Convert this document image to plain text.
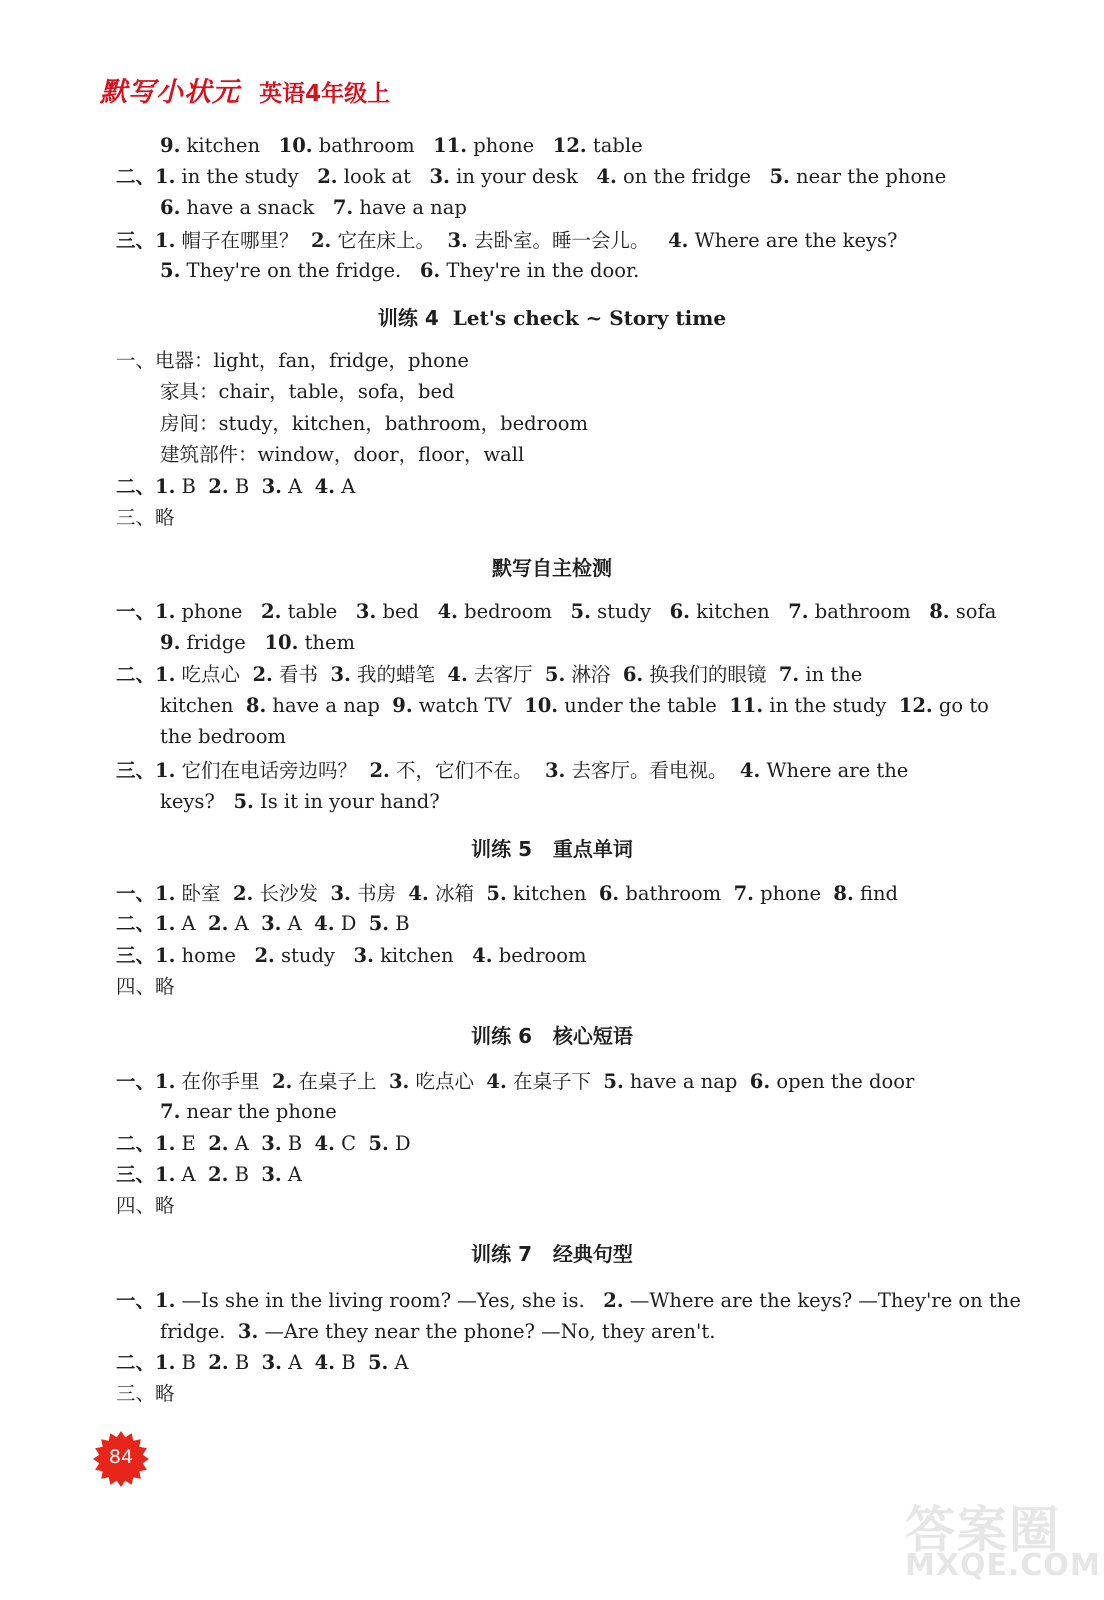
默写小状元 英语4年级上
9. kitchen   10. bathroom   11. phone   12. table
二、1. in the study   2. look at   3. in your desk   4. on the fridge   5. near the phone
6. have a snack   7. have a nap
三、1. 帽子在哪里？  2. 它在床上。  3. 去卧室。睡一会儿。   4. Where are the keys?
5. They're on the fridge.   6. They're in the door.
一、电器：light，fan，fridge，phone
家具：chair，table，sofa，bed
房间：study，kitchen，bathroom，bedroom
建筑部件：window，door，floor，wall
二、1. B  2. B  3. A  4. A
三、略
一、1. phone   2. table   3. bed   4. bedroom   5. study   6. kitchen   7. bathroom   8. sofa
9. fridge   10. them
二、1. 吃点心  2. 看书  3. 我的蜡笔  4. 去客厅  5. 淋浴  6. 换我们的眼镜  7. in the
kitchen  8. have a nap  9. watch TV  10. under the table  11. in the study  12. go to
the bedroom
三、1. 它们在电话旁边吗？  2. 不，它们不在。  3. 去客厅。看电视。  4. Where are the
keys?   5. Is it in your hand?
一、1. 卧室  2. 长沙发  3. 书房  4. 冰箱  5. kitchen  6. bathroom  7. phone  8. find
二、1. A  2. A  3. A  4. D  5. B
三、1. home   2. study   3. kitchen   4. bedroom
四、略
一、1. 在你手里  2. 在桌子上  3. 吃点心  4. 在桌子下  5. have a nap  6. open the door
7. near the phone
二、1. E  2. A  3. B  4. C  5. D
三、1. A  2. B  3. A
四、略
一、1. —Is she in the living room? —Yes, she is.   2. —Where are the keys? —They're on the
fridge.  3. —Are they near the phone? —No, they aren't.
二、1. B  2. B  3. A  4. B  5. A
三、略
训练 4  Let's check ~ Story time
默写自主检测
训练 5   重点单词
训练 6   核心短语
训练 7   经典句型
84
答案圈
MXQE.COM
